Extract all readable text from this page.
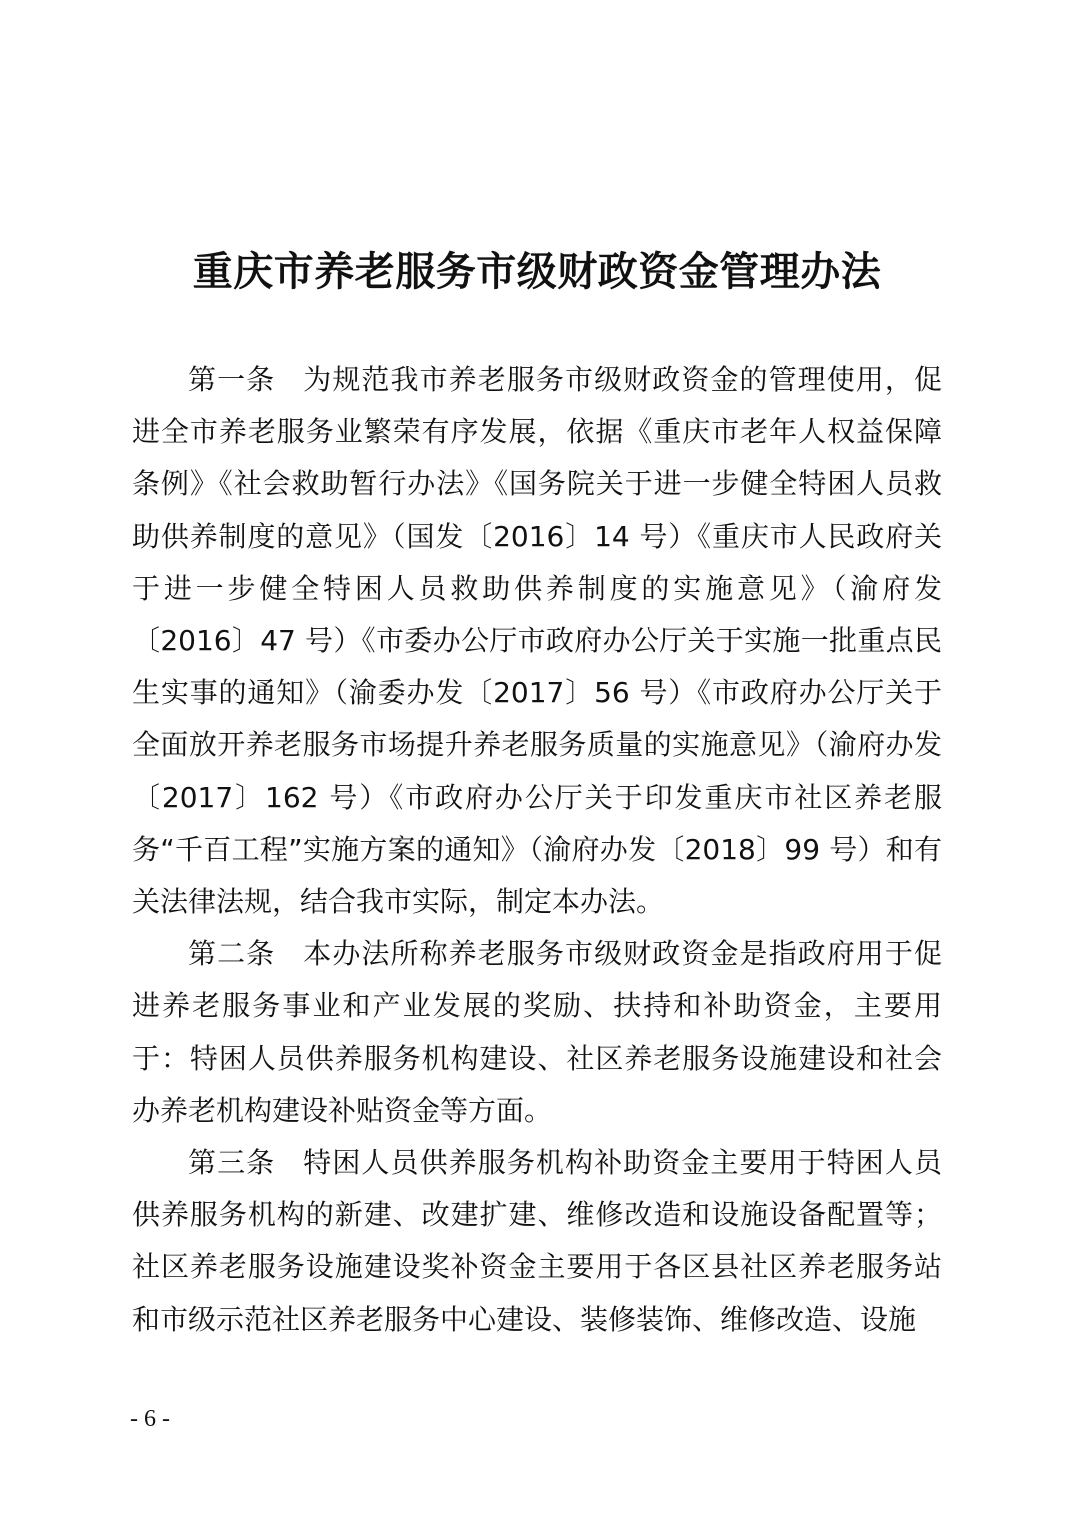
重庆市养老服务市级财政资金管理办法

第一条 为规范我市养老服务市级财政资金的管理使用，促进全市养老服务业繁荣有序发展，依据《重庆市老年人权益保障条例》《社会救助暂行办法》《国务院关于进一步健全特困人员救助供养制度的意见》（国发〔2016〕14 号）《重庆市人民政府关于进一步健全特困人员救助供养制度的实施意见》（渝府发〔2016〕47 号）《市委办公厅市政府办公厅关于实施一批重点民生实事的通知》（渝委办发〔2017〕56 号）《市政府办公厅关于全面放开养老服务市场提升养老服务质量的实施意见》（渝府办发〔2017〕162 号）《市政府办公厅关于印发重庆市社区养老服务“千百工程”实施方案的通知》（渝府办发〔2018〕99 号）和有关法律法规，结合我市实际，制定本办法。

第二条 本办法所称养老服务市级财政资金是指政府用于促进养老服务事业和产业发展的奖励、扶持和补助资金，主要用于：特困人员供养服务机构建设、社区养老服务设施建设和社会办养老机构建设补贴资金等方面。

第三条 特困人员供养服务机构补助资金主要用于特困人员供养服务机构的新建、改建扩建、维修改造和设施设备配置等；社区养老服务设施建设奖补资金主要用于各区县社区养老服务站和市级示范社区养老服务中心建设、装修装饰、维修改造、设施

- 6 -
